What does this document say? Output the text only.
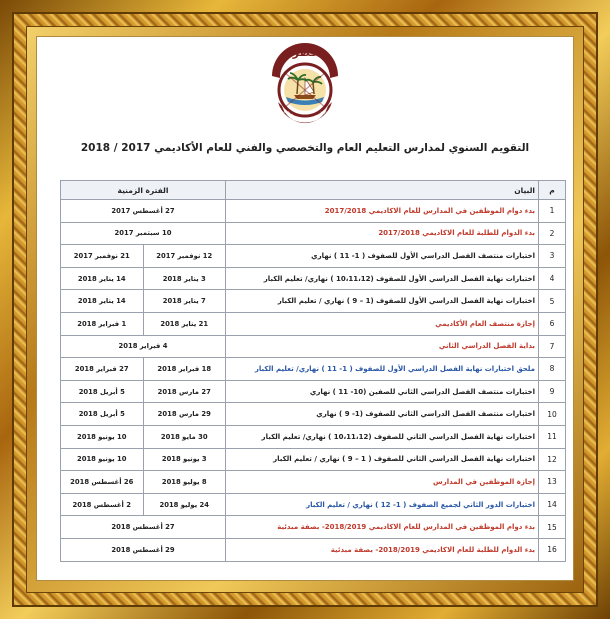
قطر
وزارة التعليم والتعليم العالي
التقويم السنوي لمدارس التعليم العام والتخصصي والفني للعام الأكاديمي 2017 / 2018
م	البيان	الفترة الزمنية	
1	بدء دوام الموظفين في المدارس للعام الاكاديمي 2017/2018	27 أغسطس 2017	
2	بدء الدوام للطلبة للعام الاكاديمي 2017/2018	10 سبتمبر 2017	
3	اختبارات منتصف الفصل الدراسي الأول للصفوف ( 1- 11 ) نهاري	12 نوفمبر 2017	21 نوفمبر 2017
4	اختبارات نهاية الفصل الدراسي الأول للصفوف (10،11،12 ) نهاري/ تعليم الكبار	3 يناير 2018	14 يناير 2018
5	اختبارات نهاية الفصل الدراسي الأول للصفوف (1 – 9 ) نهاري / تعليم الكبار	7 يناير 2018	14 يناير 2018
6	إجازة منتصف العام الأكاديمي	21 يناير 2018	1 فبراير 2018
7	بداية الفصل الدراسي الثاني	4 فبراير 2018	
8	ملحق اختبارات نهاية الفصل الدراسي الأول للصفوف ( 1- 11 ) نهاري/ تعليم الكبار	18 فبراير 2018	27 فبراير 2018
9	اختبارات منتصف الفصل الدراسي الثاني للصفين (10- 11 ) نهاري	27 مارس 2018	5 أبريل 2018
10	اختبارات منتصف الفصل الدراسي الثاني للصفوف (1- 9 ) نهاري	29 مارس 2018	5 أبريل 2018
11	اختبارات نهاية الفصل الدراسي الثاني للصفوف (10،11،12 ) نهاري/ تعليم الكبار	30 مايو 2018	10 يونيو 2018
12	اختبارات نهاية الفصل الدراسي الثاني للصفوف ( 1 – 9 ) نهاري / تعليم الكبار	3 يونيو 2018	10 يونيو 2018
13	إجازة الموظفين في المدارس	8 يوليو 2018	26 أغسطس 2018
14	اختبارات الدور الثاني لجميع الصفوف ( 1- 12 ) نهاري / تعليم الكبار	24 يوليو 2018	2 أغسطس 2018
15	بدء دوام الموظفين في المدارس للعام الاكاديمي 2018/2019- بصفة مبدئية	27 أغسطس 2018	
16	بدء الدوام للطلبة للعام الاكاديمي 2018/2019- بصفة مبدئية	29 أغسطس 2018	
